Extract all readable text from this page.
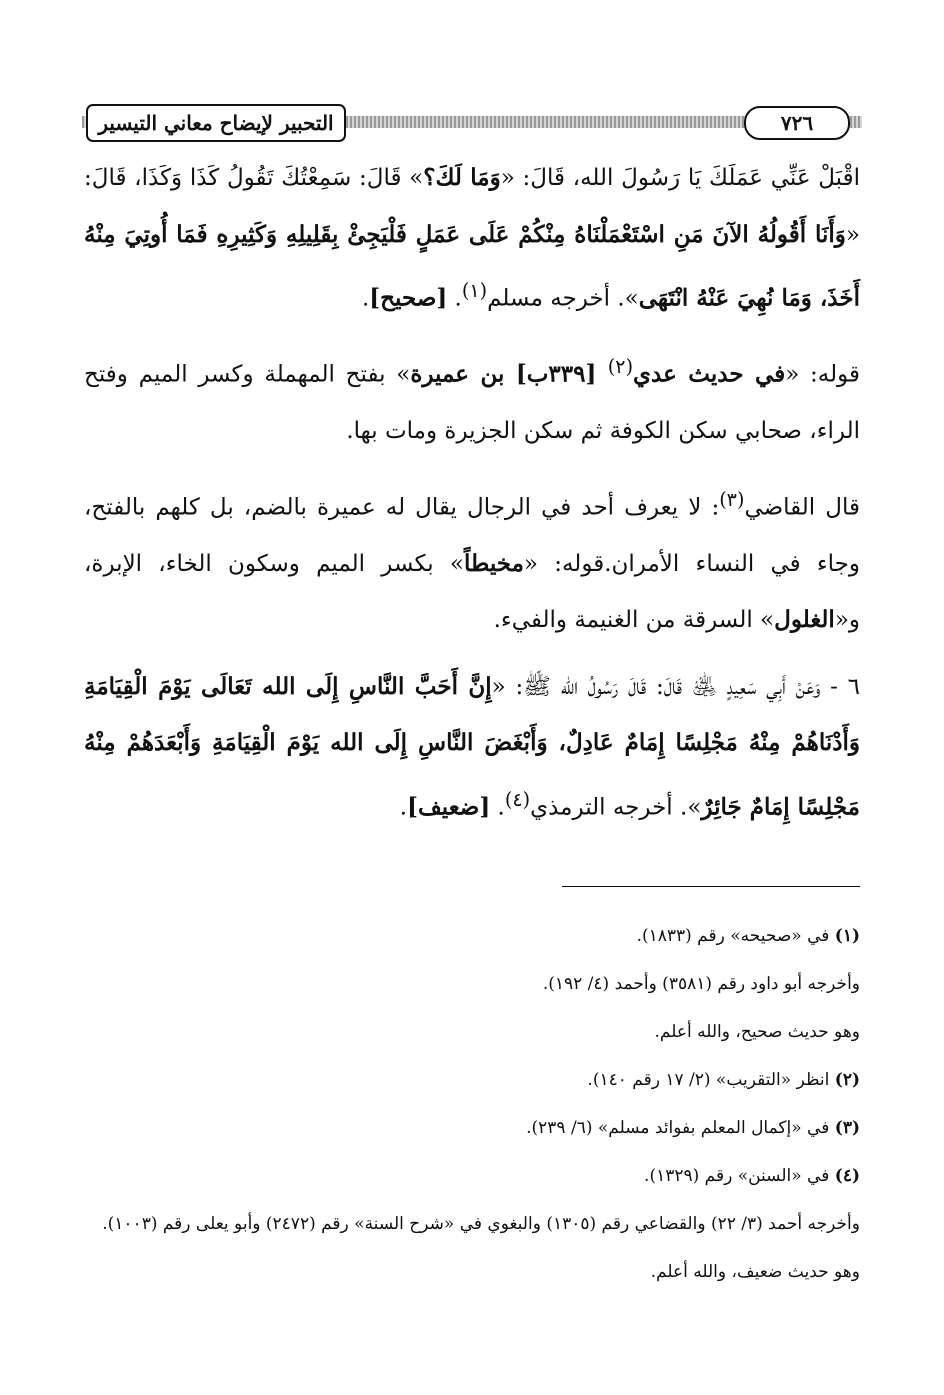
التحبير لإيضاح معاني التيسير	٧٢٦

اقْبَلْ عَنِّي عَمَلَكَ يَا رَسُولَ الله، قَالَ: «وَمَا لَكَ؟» قَالَ: سَمِعْتُكَ تَقُولُ كَذَا وَكَذَا، قَالَ: «وَأَنَا أَقُولُهُ الآنَ مَنِ اسْتَعْمَلْنَاهُ مِنْكُمْ عَلَى عَمَلٍ فَلْيَجِئْ بِقَلِيلِهِ وَكَثِيرِهِ فَمَا أُوتِيَ مِنْهُ أَخَذَ، وَمَا نُهِيَ عَنْهُ انْتَهَى». أخرجه مسلم$^{(١)}$. [صحيح].

قوله: «في حديث عدي$^{(٢)}$ [٣٣٩ب] بن عميرة» بفتح المهملة وكسر الميم وفتح الراء، صحابي سكن الكوفة ثم سكن الجزيرة ومات بها.

قال القاضي$^{(٣)}$: لا يعرف أحد في الرجال يقال له عميرة بالضم، بل كلهم بالفتح، وجاء في النساء الأمران.قوله: «مخيطاً» بكسر الميم وسكون الخاء، الإبرة، و«الغلول» السرقة من الغنيمة والفيء.

٦ - وَعَنْ أَبِي سَعِيدٍ ﵁ قَالَ: قَالَ رَسُولُ الله ﷺ: «إِنَّ أَحَبَّ النَّاسِ إِلَى الله تَعَالَى يَوْمَ الْقِيَامَةِ وَأَدْنَاهُمْ مِنْهُ مَجْلِسًا إِمَامٌ عَادِلٌ، وَأَبْغَضَ النَّاسِ إِلَى الله يَوْمَ الْقِيَامَةِ وَأَبْعَدَهُمْ مِنْهُ مَجْلِسًا إِمَامٌ جَائِرٌ». أخرجه الترمذي$^{(٤)}$. [ضعيف].

(١) في «صحيحه» رقم (١٨٣٣).

وأخرجه أبو داود رقم (٣٥٨١) وأحمد (٤/ ١٩٢).

وهو حديث صحيح، والله أعلم.

(٢) انظر «التقريب» (٢/ ١٧ رقم ١٤٠).

(٣) في «إكمال المعلم بفوائد مسلم» (٦/ ٢٣٩).

(٤) في «السنن» رقم (١٣٢٩).

وأخرجه أحمد (٣/ ٢٢) والقضاعي رقم (١٣٠٥) والبغوي في «شرح السنة» رقم (٢٤٧٢) وأبو يعلى رقم (١٠٠٣).

وهو حديث ضعيف، والله أعلم.
